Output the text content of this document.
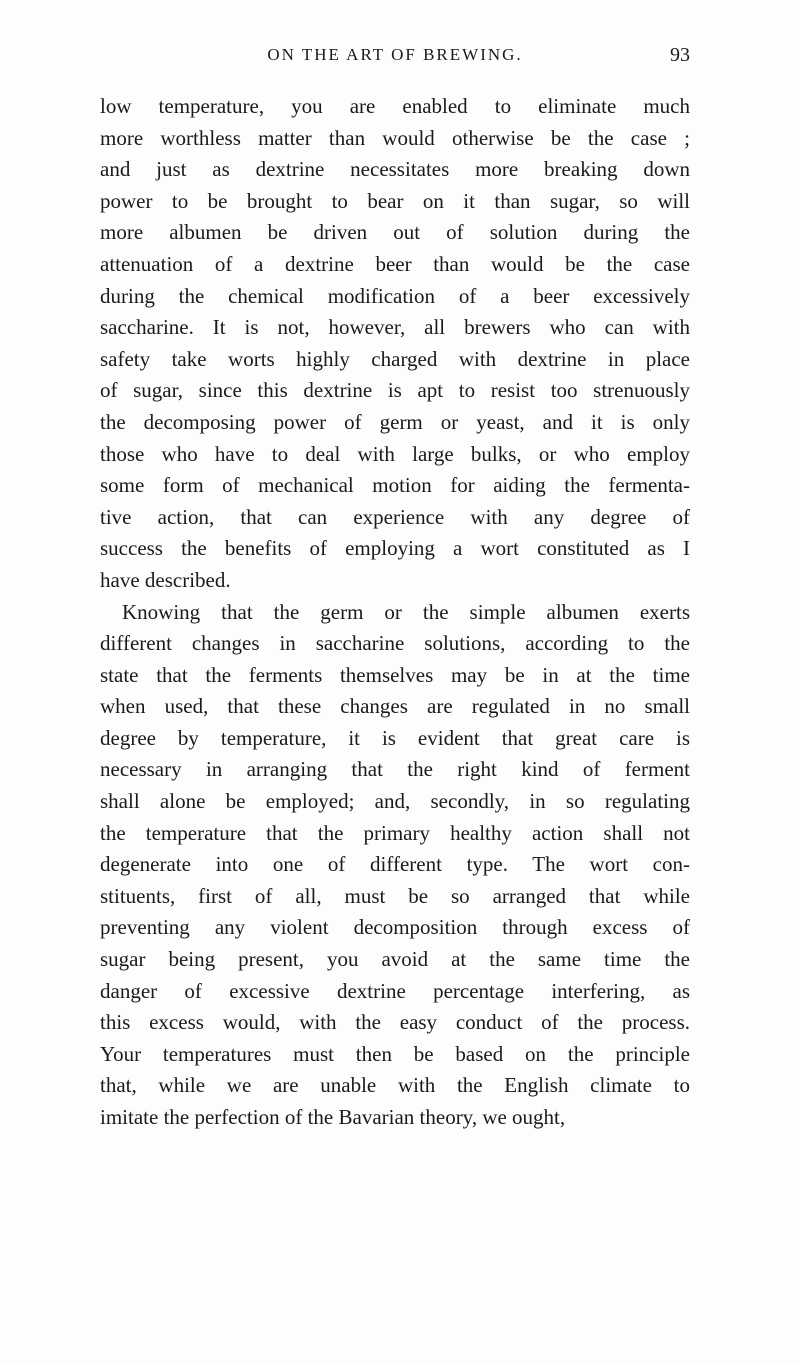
ON THE ART OF BREWING.	93
low temperature, you are enabled to eliminate much
more worthless matter than would otherwise be the case ;
and just as dextrine necessitates more breaking down
power to be brought to bear on it than sugar, so will
more albumen be driven out of solution during the
attenuation of a dextrine beer than would be the case
during the chemical modification of a beer excessively
saccharine. It is not, however, all brewers who can with
safety take worts highly charged with dextrine in place
of sugar, since this dextrine is apt to resist too strenuously
the decomposing power of germ or yeast, and it is only
those who have to deal with large bulks, or who employ
some form of mechanical motion for aiding the fermenta-
tive action, that can experience with any degree of
success the benefits of employing a wort constituted as I
have described.
Knowing that the germ or the simple albumen exerts
different changes in saccharine solutions, according to the
state that the ferments themselves may be in at the time
when used, that these changes are regulated in no small
degree by temperature, it is evident that great care is
necessary in arranging that the right kind of ferment
shall alone be employed; and, secondly, in so regulating
the temperature that the primary healthy action shall not
degenerate into one of different type. The wort con-
stituents, first of all, must be so arranged that while
preventing any violent decomposition through excess of
sugar being present, you avoid at the same time the
danger of excessive dextrine percentage interfering, as
this excess would, with the easy conduct of the process.
Your temperatures must then be based on the principle
that, while we are unable with the English climate to
imitate the perfection of the Bavarian theory, we ought,
